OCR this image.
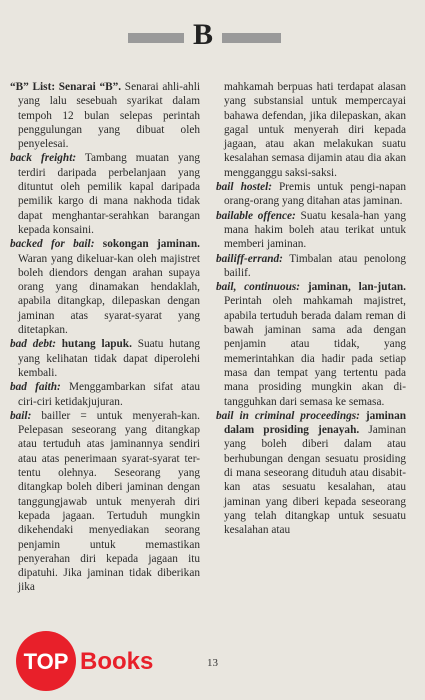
B

“B” List: Senarai “B”. Senarai ahli-ahli yang lalu sesebuah syarikat dalam tempoh 12 bulan selepas perintah penggulungan yang dibuat oleh penyelesai.

back freight: Tambang muatan yang terdiri daripada perbelanjaan yang dituntut oleh pemilik kapal daripada pemilik kargo di mana nakhoda tidak dapat menghantar-serahkan barangan kepada konsaini.

backed for bail: sokongan jaminan. Waran yang dikeluar-kan oleh majistret boleh diendors dengan arahan supaya orang yang dinamakan hendaklah, apabila ditangkap, dilepaskan dengan jaminan atas syarat-syarat yang ditetapkan.

bad debt: hutang lapuk. Suatu hutang yang kelihatan tidak dapat diperolehi kembali.

bad faith: Menggambarkan sifat atau ciri-ciri ketidakjujuran.

bail: bailler = untuk menyerah-kan. Pelepasan seseorang yang ditangkap atau tertuduh atas jaminannya sendiri atau atas penerimaan syarat-syarat ter-tentu olehnya. Seseorang yang ditangkap boleh diberi jaminan dengan tanggungjawab untuk menyerah diri kepada jagaan. Tertuduh mungkin dikehendaki menyediakan seorang penjamin untuk memastikan penyerahan diri kepada jagaan itu dipatuhi. Jika jaminan tidak diberikan jika

mahkamah berpuas hati terdapat alasan yang substansial untuk mempercayai bahawa defendan, jika dilepaskan, akan gagal untuk menyerah diri kepada jagaan, atau akan melakukan suatu kesalahan semasa dijamin atau dia akan mengganggu saksi-saksi.

bail hostel: Premis untuk pengi-napan orang-orang yang ditahan atas jaminan.

bailable offence: Suatu kesala-han yang mana hakim boleh atau terikat untuk memberi jaminan.

bailiff-errand: Timbalan atau penolong bailif.

bail, continuous: jaminan, lan-jutan. Perintah oleh mahkamah majistret, apabila tertuduh berada dalam reman di bawah jaminan sama ada dengan penjamin atau tidak, yang memerintahkan dia hadir pada setiap masa dan tempat yang tertentu pada mana prosiding mungkin akan di-tangguhkan dari semasa ke semasa.

bail in criminal proceedings: jaminan dalam prosiding jenayah. Jaminan yang boleh diberi dalam atau berhubungan dengan sesuatu prosiding di mana seseorang dituduh atau disabit-kan atas sesuatu kesalahan, atau jaminan yang diberi kepada seseorang yang telah ditangkap untuk sesuatu kesalahan atau

13
TOP Books
